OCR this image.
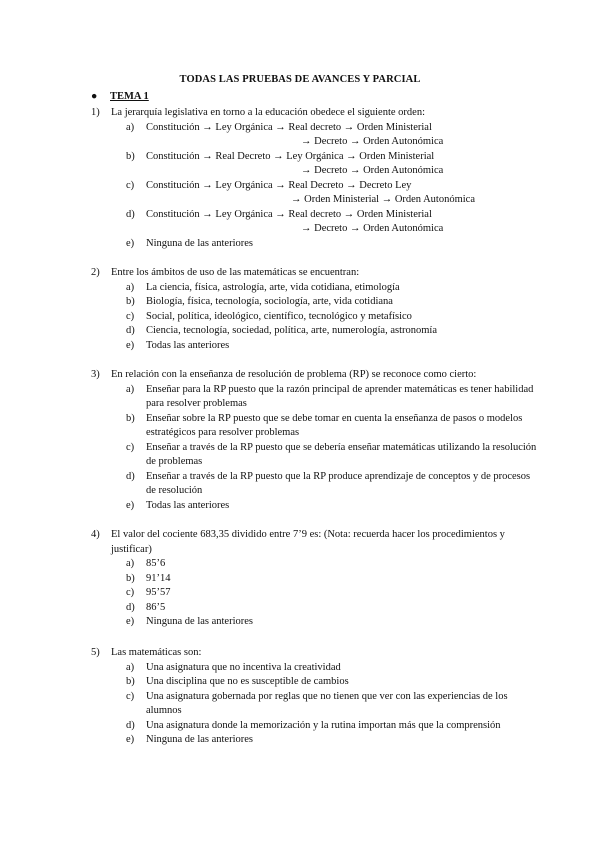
TODAS LAS PRUEBAS DE AVANCES Y PARCIAL
● TEMA 1
1) La jerarquía legislativa en torno a la educación obedece el siguiente orden:
a) Constitución → Ley Orgánica → Real decreto → Orden Ministerial
→ Decreto → Orden Autonómica
b) Constitución → Real Decreto → Ley Orgánica → Orden Ministerial
→ Decreto → Orden Autonómica
c) Constitución → Ley Orgánica → Real Decreto → Decreto Ley
→ Orden Ministerial → Orden Autonómica
d) Constitución → Ley Orgánica → Real decreto → Orden Ministerial
→ Decreto → Orden Autonómica
e) Ninguna de las anteriores
2) Entre los ámbitos de uso de las matemáticas se encuentran:
a) La ciencia, física, astrología, arte, vida cotidiana, etimología
b) Biología, física, tecnología, sociología, arte, vida cotidiana
c) Social, política, ideológico, científico, tecnológico y metafísico
d) Ciencia, tecnología, sociedad, política, arte, numerología, astronomía
e) Todas las anteriores
3) En relación con la enseñanza de resolución de problema (RP) se reconoce como cierto:
a) Enseñar para la RP puesto que la razón principal de aprender matemáticas es tener habilidad para resolver problemas
b) Enseñar sobre la RP puesto que se debe tomar en cuenta la enseñanza de pasos o modelos estratégicos para resolver problemas
c) Enseñar a través de la RP puesto que se debería enseñar matemáticas utilizando la resolución de problemas
d) Enseñar a través de la RP puesto que la RP produce aprendizaje de conceptos y de procesos de resolución
e) Todas las anteriores
4) El valor del cociente 683,35 dividido entre 7’9 es: (Nota: recuerda hacer los procedimientos y justificar)
a) 85’6
b) 91’14
c) 95’57
d) 86’5
e) Ninguna de las anteriores
5) Las matemáticas son:
a) Una asignatura que no incentiva la creatividad
b) Una disciplina que no es susceptible de cambios
c) Una asignatura gobernada por reglas que no tienen que ver con las experiencias de los alumnos
d) Una asignatura donde la memorización y la rutina importan más que la comprensión
e) Ninguna de las anteriores
